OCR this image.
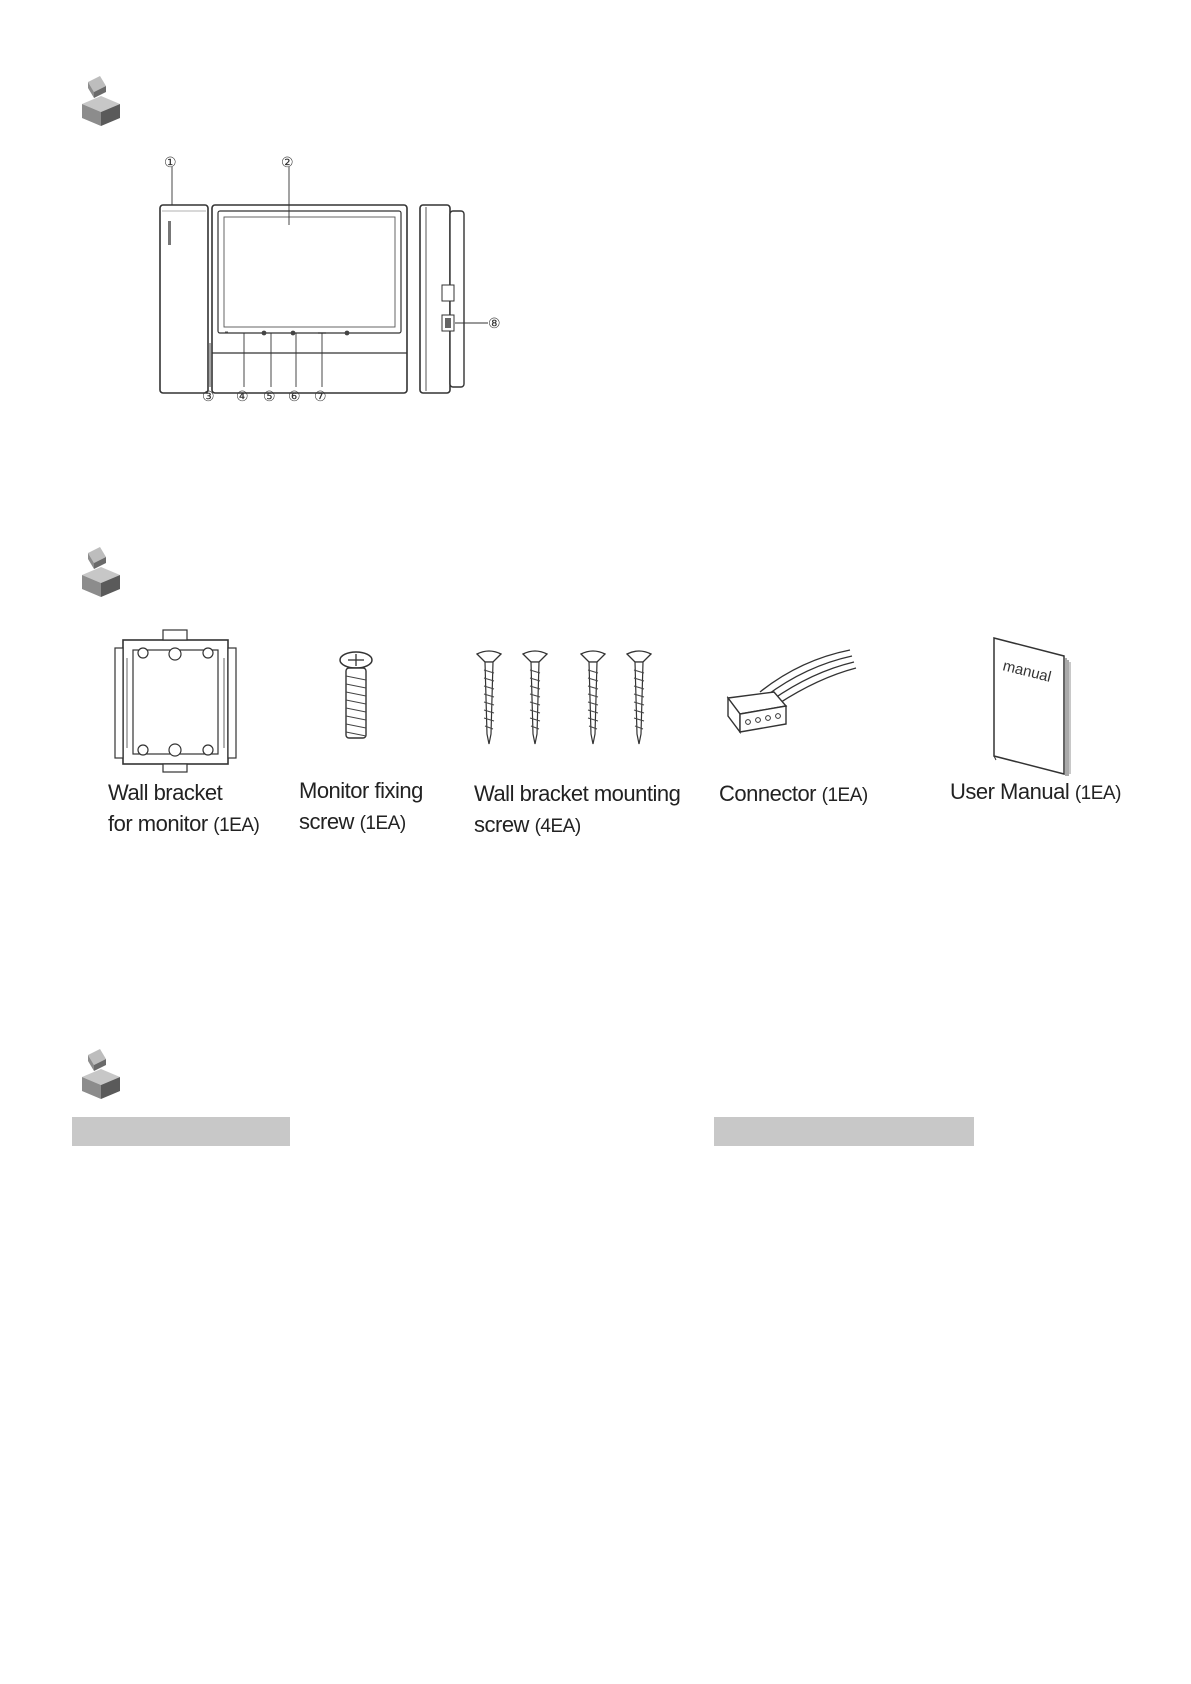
①	②
③ ④ ⑤ ⑥ ⑦
⑧
manual
Wall bracket
for monitor (1EA)
Monitor fixing
screw (1EA)
Wall bracket mounting
screw (4EA)
Connector (1EA)	User Manual (1EA)
